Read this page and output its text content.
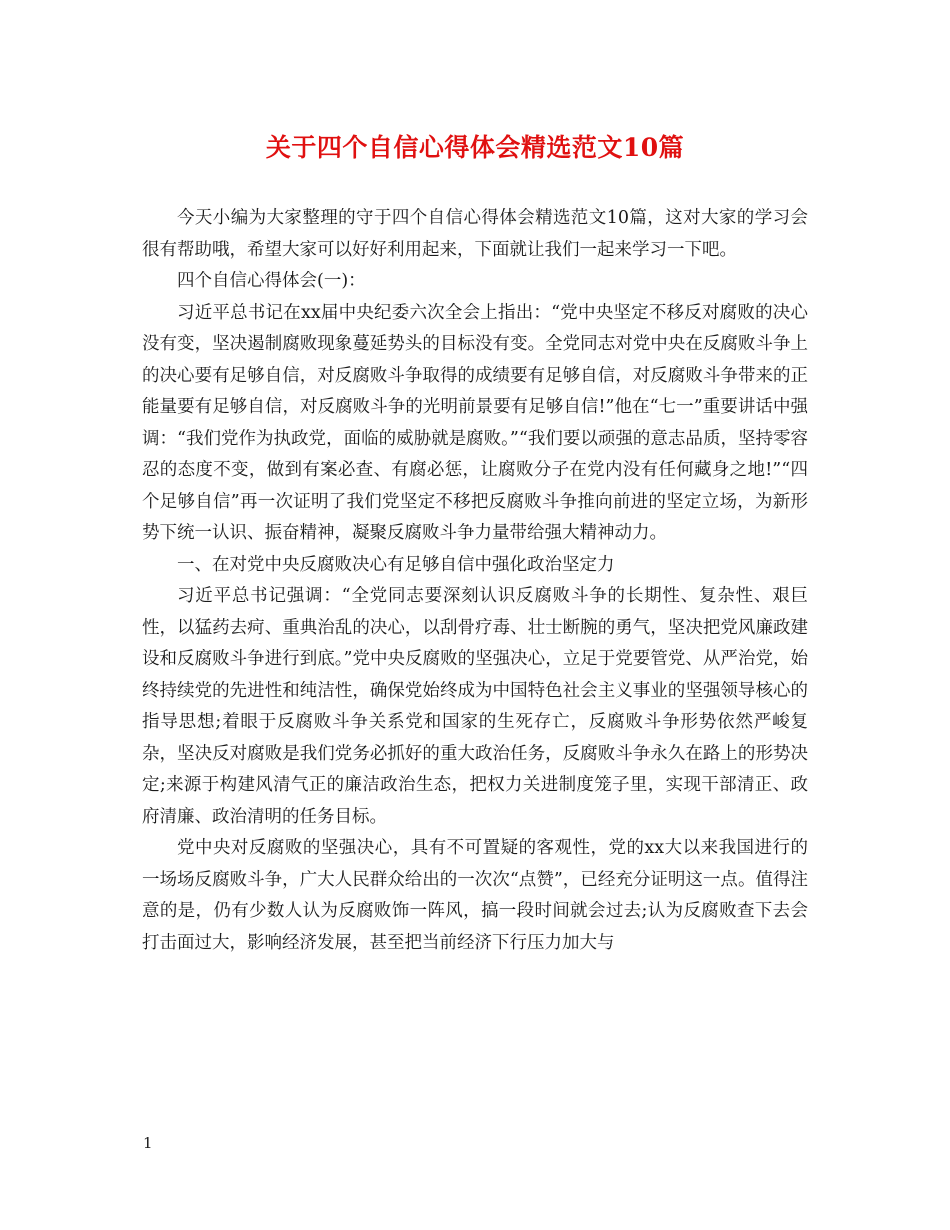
关于四个自信心得体会精选范文10篇

今天小编为大家整理的守于四个自信心得体会精选范文10篇，这对大家的学习会很有帮助哦，希望大家可以好好利用起来，下面就让我们一起来学习一下吧。

四个自信心得体会(一)：

习近平总书记在xx届中央纪委六次全会上指出：“党中央坚定不移反对腐败的决心没有变，坚决遏制腐败现象蔓延势头的目标没有变。全党同志对党中央在反腐败斗争上的决心要有足够自信，对反腐败斗争取得的成绩要有足够自信，对反腐败斗争带来的正能量要有足够自信，对反腐败斗争的光明前景要有足够自信!”他在“七一”重要讲话中强调：“我们党作为执政党，面临的威胁就是腐败。”“我们要以顽强的意志品质，坚持零容忍的态度不变，做到有案必查、有腐必惩，让腐败分子在党内没有任何藏身之地!”“四个足够自信”再一次证明了我们党坚定不移把反腐败斗争推向前进的坚定立场，为新形势下统一认识、振奋精神，凝聚反腐败斗争力量带给强大精神动力。

一、在对党中央反腐败决心有足够自信中强化政治坚定力

习近平总书记强调：“全党同志要深刻认识反腐败斗争的长期性、复杂性、艰巨性，以猛药去疴、重典治乱的决心，以刮骨疗毒、壮士断腕的勇气，坚决把党风廉政建设和反腐败斗争进行到底。”党中央反腐败的坚强决心，立足于党要管党、从严治党，始终持续党的先进性和纯洁性，确保党始终成为中国特色社会主义事业的坚强领导核心的指导思想;着眼于反腐败斗争关系党和国家的生死存亡，反腐败斗争形势依然严峻复杂，坚决反对腐败是我们党务必抓好的重大政治任务，反腐败斗争永久在路上的形势决定;来源于构建风清气正的廉洁政治生态，把权力关进制度笼子里，实现干部清正、政府清廉、政治清明的任务目标。

党中央对反腐败的坚强决心，具有不可置疑的客观性，党的xx大以来我国进行的一场场反腐败斗争，广大人民群众给出的一次次“点赞”，已经充分证明这一点。值得注意的是，仍有少数人认为反腐败饰一阵风，搞一段时间就会过去;认为反腐败查下去会打击面过大，影响经济发展，甚至把当前经济下行压力加大与

1
